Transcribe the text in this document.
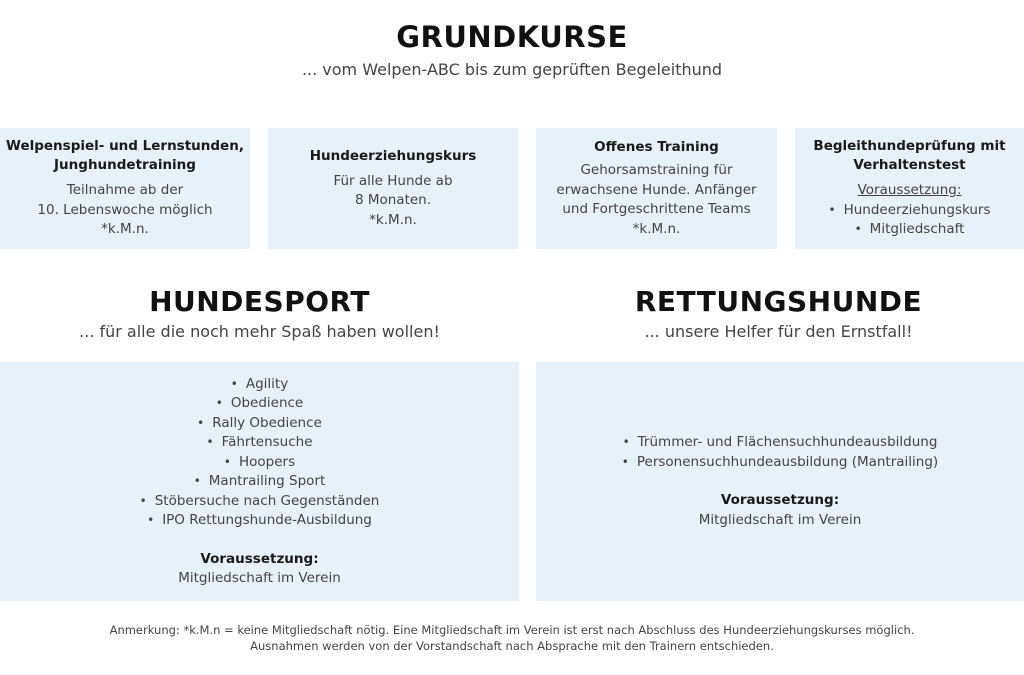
GRUNDKURSE
... vom Welpen-ABC bis zum geprüften Begeleithund
Welpenspiel- und Lernstunden,
Junghundetraining
Teilnahme ab der
10. Lebenswoche möglich
*k.M.n.
Hundeerziehungskurs
Für alle Hunde ab
8 Monaten.
*k.M.n.
Offenes Training
Gehorsamstraining für
erwachsene Hunde. Anfänger
und Fortgeschrittene Teams
*k.M.n.
Begleithundeprüfung mit
Verhaltenstest
Voraussetzung:
• Hundeerziehungskurs
• Mitgliedschaft
HUNDESPORT
... für alle die noch mehr Spaß haben wollen!
RETTUNGSHUNDE
... unsere Helfer für den Ernstfall!
• Agility
• Obedience
• Rally Obedience
• Fährtensuche
• Hoopers
• Mantrailing Sport
• Stöbersuche nach Gegenständen
• IPO Rettungshunde-Ausbildung
Voraussetzung:
Mitgliedschaft im Verein
• Trümmer- und Flächensuchhundeausbildung
• Personensuchhundeausbildung (Mantrailing)
Voraussetzung:
Mitgliedschaft im Verein
Anmerkung: *k.M.n = keine Mitgliedschaft nötig. Eine Mitgliedschaft im Verein ist erst nach Abschluss des Hundeerziehungskurses möglich.
Ausnahmen werden von der Vorstandschaft nach Absprache mit den Trainern entschieden.
